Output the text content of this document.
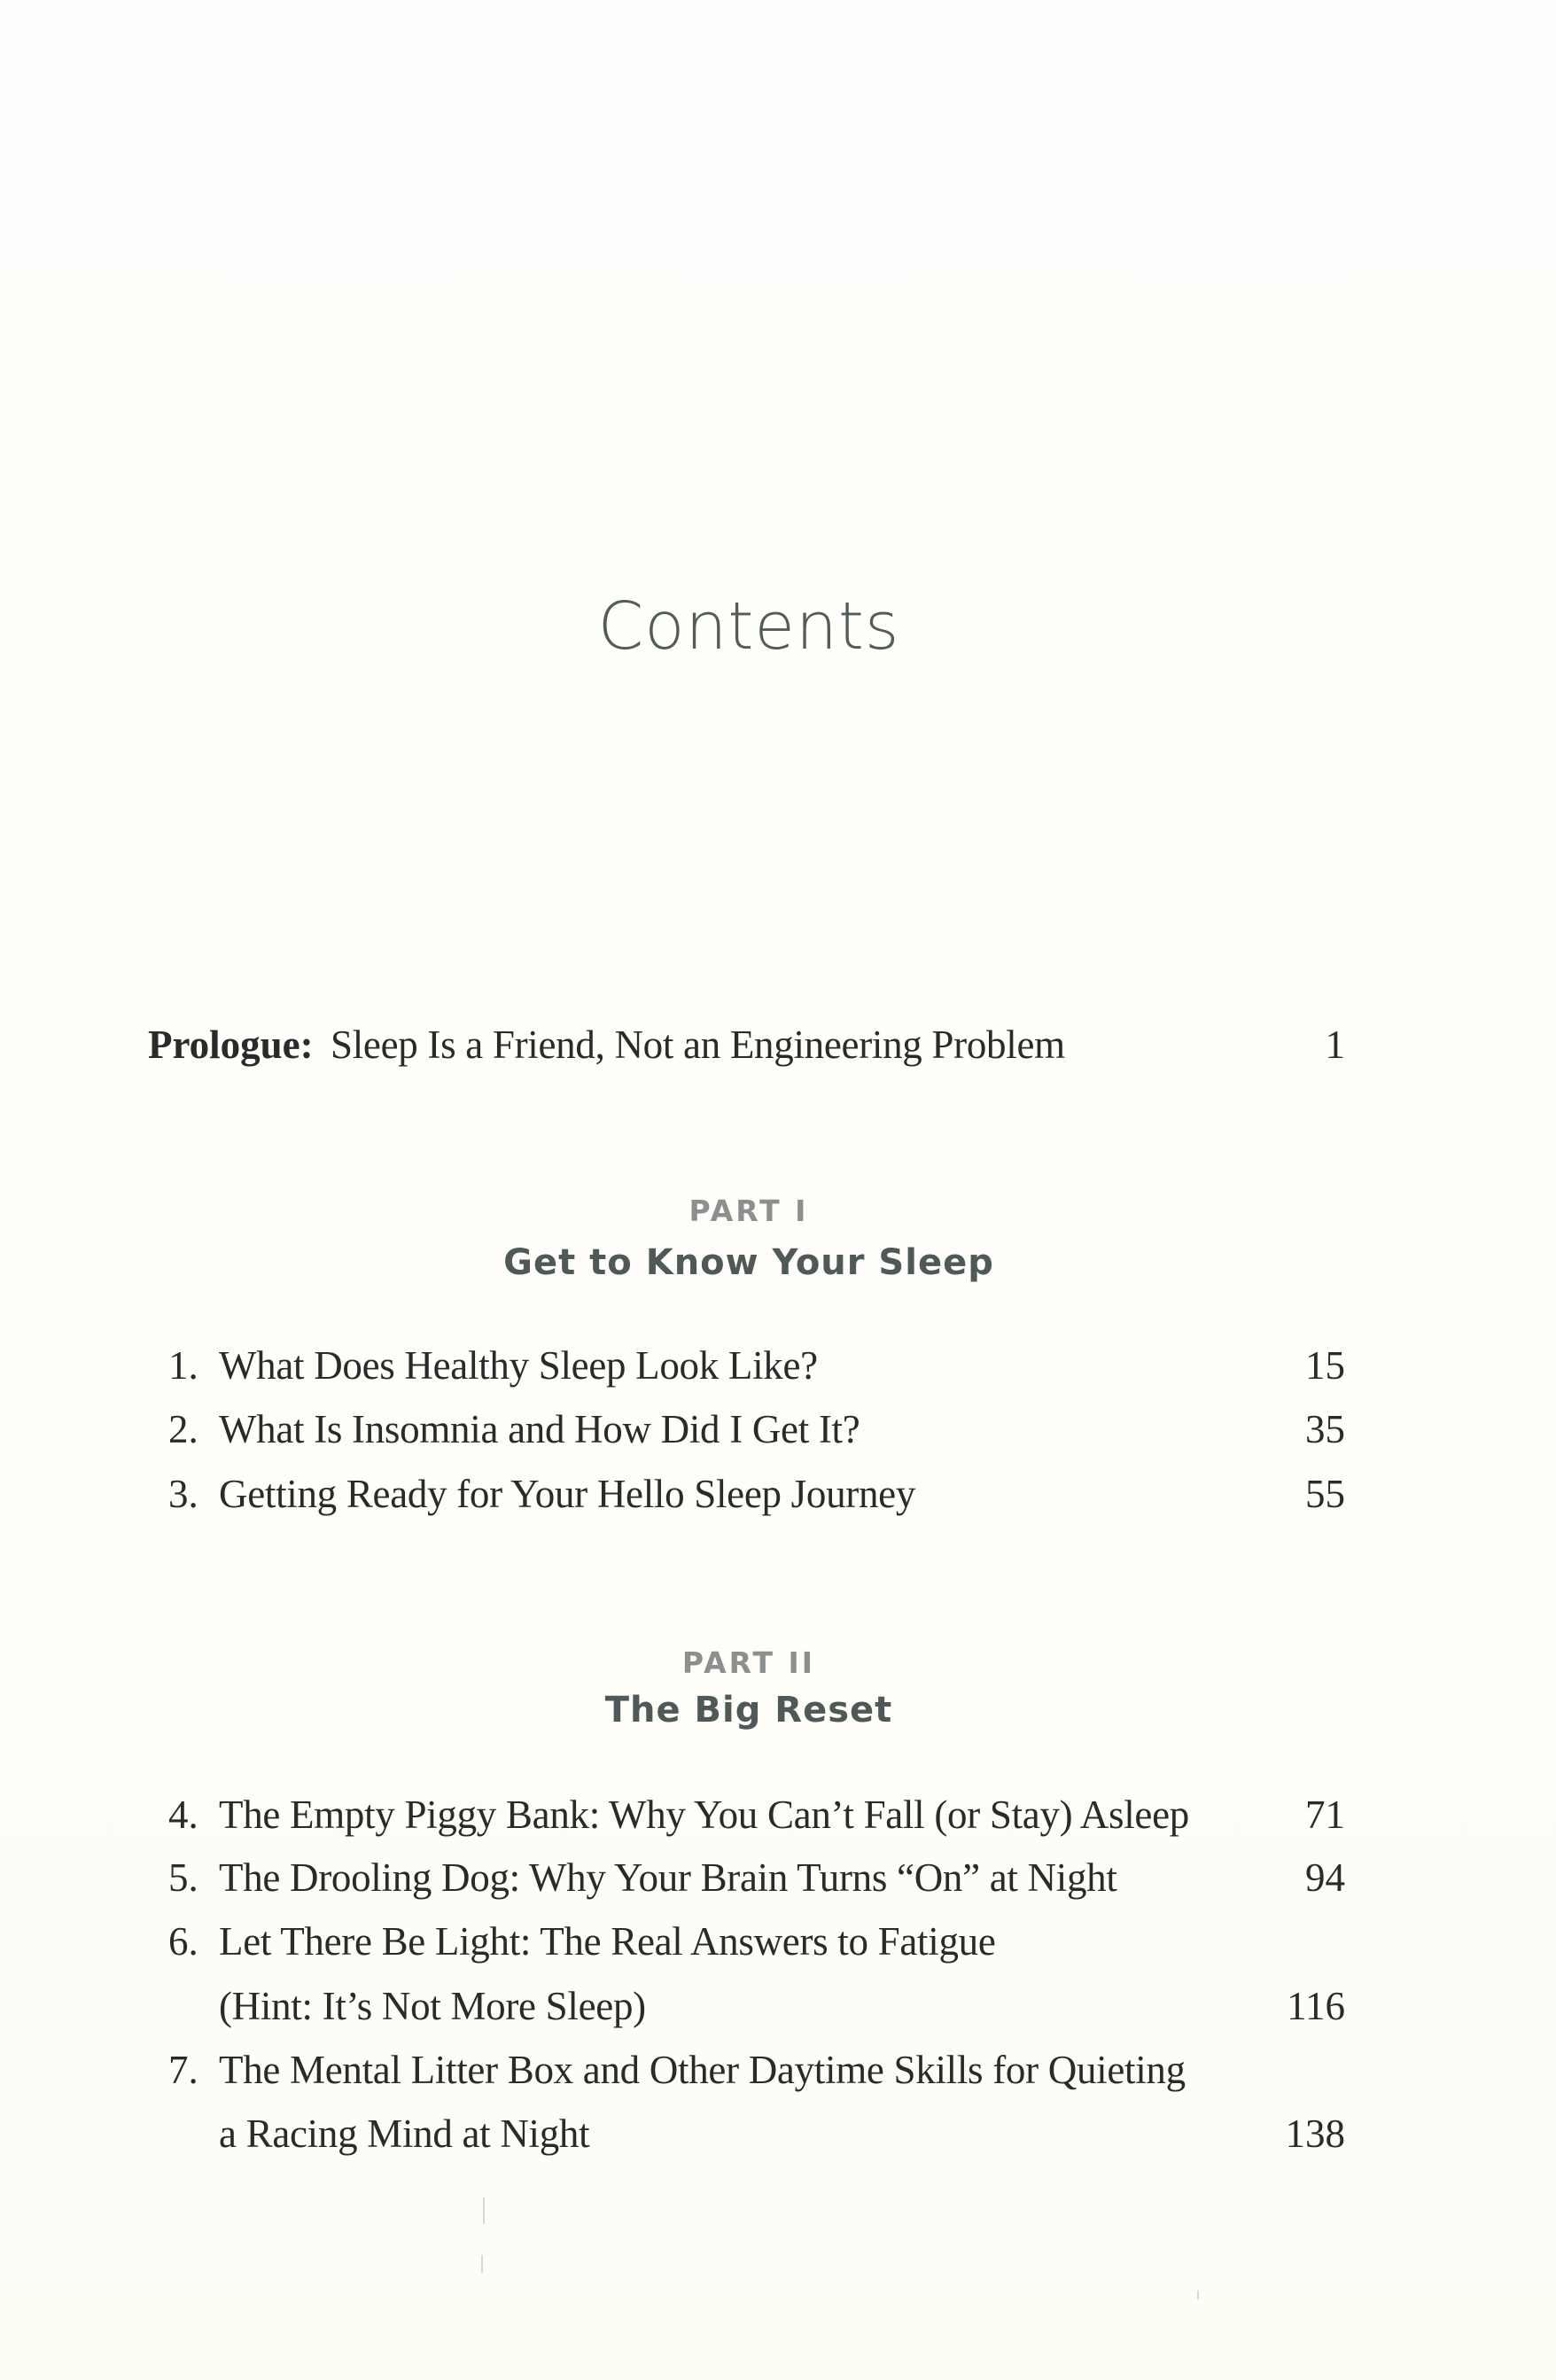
Contents
Prologue: Sleep Is a Friend, Not an Engineering Problem	1
PART I
Get to Know Your Sleep
1. What Does Healthy Sleep Look Like?	15
2. What Is Insomnia and How Did I Get It?	35
3. Getting Ready for Your Hello Sleep Journey	55
PART II
The Big Reset
4. The Empty Piggy Bank: Why You Can’t Fall (or Stay) Asleep	71
5. The Drooling Dog: Why Your Brain Turns “On” at Night	94
6. Let There Be Light: The Real Answers to Fatigue
(Hint: It’s Not More Sleep)	116
7. The Mental Litter Box and Other Daytime Skills for Quieting
a Racing Mind at Night	138
